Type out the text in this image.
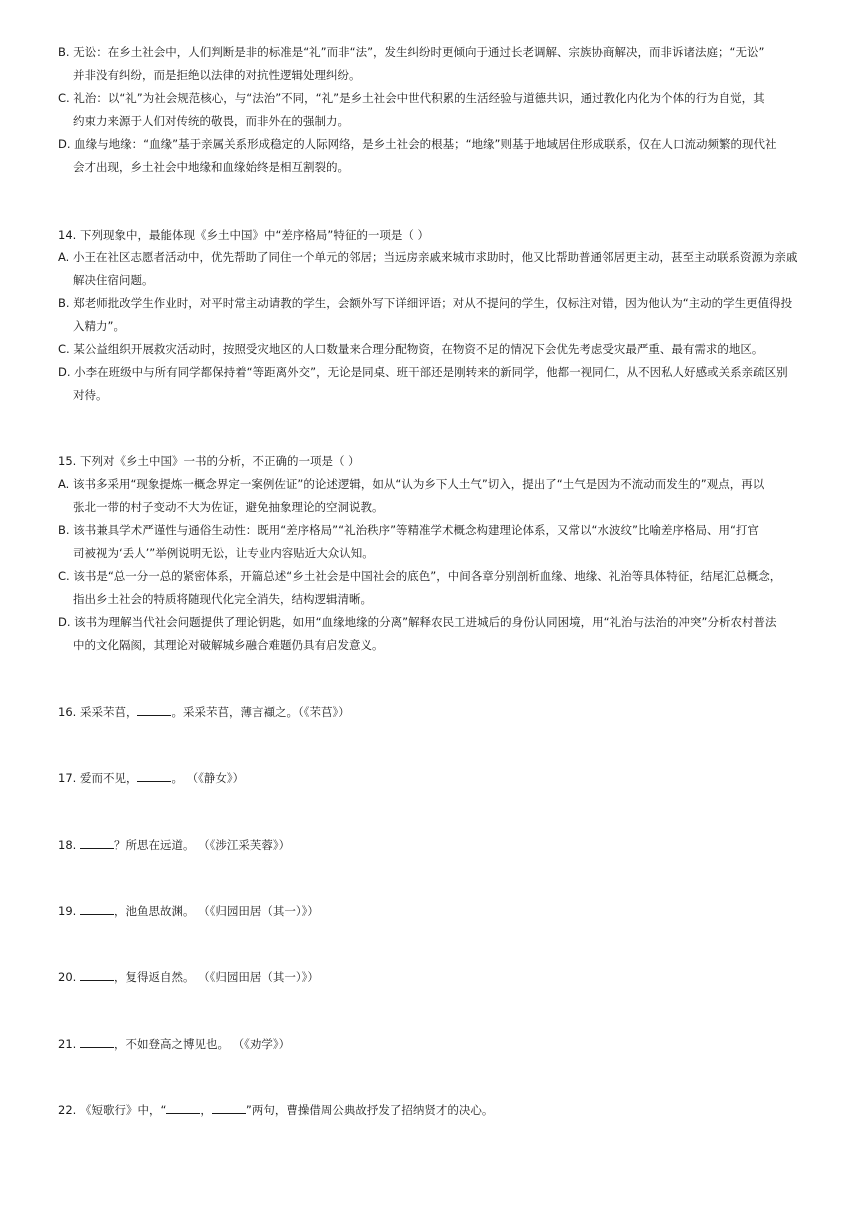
B. 无讼：在乡土社会中，人们判断是非的标准是“礼”而非“法”，发生纠纷时更倾向于通过长老调解、宗族协商解决，而非诉诸法庭；“无讼”
并非没有纠纷，而是拒绝以法律的对抗性逻辑处理纠纷。
C. 礼治：以“礼”为社会规范核心，与“法治”不同，“礼”是乡土社会中世代积累的生活经验与道德共识，通过教化内化为个体的行为自觉，其
约束力来源于人们对传统的敬畏，而非外在的强制力。
D. 血缘与地缘：“血缘”基于亲属关系形成稳定的人际网络，是乡土社会的根基；“地缘”则基于地域居住形成联系，仅在人口流动频繁的现代社
会才出现，乡土社会中地缘和血缘始终是相互割裂的。
14. 下列现象中，最能体现《乡土中国》中“差序格局”特征的一项是（ ）
A. 小王在社区志愿者活动中，优先帮助了同住一个单元的邻居；当远房亲戚来城市求助时，他又比帮助普通邻居更主动，甚至主动联系资源为亲戚
解决住宿问题。
B. 郑老师批改学生作业时，对平时常主动请教的学生，会额外写下详细评语；对从不提问的学生，仅标注对错，因为他认为“主动的学生更值得投
入精力”。
C. 某公益组织开展救灾活动时，按照受灾地区的人口数量来合理分配物资，在物资不足的情况下会优先考虑受灾最严重、最有需求的地区。
D. 小李在班级中与所有同学都保持着“等距离外交”，无论是同桌、班干部还是刚转来的新同学，他都一视同仁，从不因私人好感或关系亲疏区别
对待。
15. 下列对《乡土中国》一书的分析，不正确的一项是（ ）
A. 该书多采用“现象提炼一概念界定一案例佐证”的论述逻辑，如从“认为乡下人土气”切入，提出了“土气是因为不流动而发生的”观点，再以
张北一带的村子变动不大为佐证，避免抽象理论的空洞说教。
B. 该书兼具学术严谨性与通俗生动性：既用“差序格局”“礼治秩序”等精准学术概念构建理论体系，又常以“水波纹”比喻差序格局、用“打官
司被视为‘丢人’”举例说明无讼，让专业内容贴近大众认知。
C. 该书是“总一分一总的紧密体系，开篇总述“乡土社会是中国社会的底色”，中间各章分别剖析血缘、地缘、礼治等具体特征，结尾汇总概念，
指出乡土社会的特质将随现代化完全消失，结构逻辑清晰。
D. 该书为理解当代社会问题提供了理论钥匙，如用“血缘地缘的分离”解释农民工进城后的身份认同困境，用“礼治与法治的冲突”分析农村普法
中的文化隔阂，其理论对破解城乡融合难题仍具有启发意义。
16. 采采芣苢，	。采采芣苢，薄言襭之。（《芣苢》）
17. 爱而不见，	。 （《静女》）
18.	？所思在远道。 （《涉江采芙蓉》）
19.	，池鱼思故渊。 （《归园田居（其一）》）
20.	，复得返自然。 （《归园田居（其一）》）
21.	，不如登高之博见也。 （《劝学》）
22. 《短歌行》中，“	，	”两句，曹操借周公典故抒发了招纳贤才的决心。
